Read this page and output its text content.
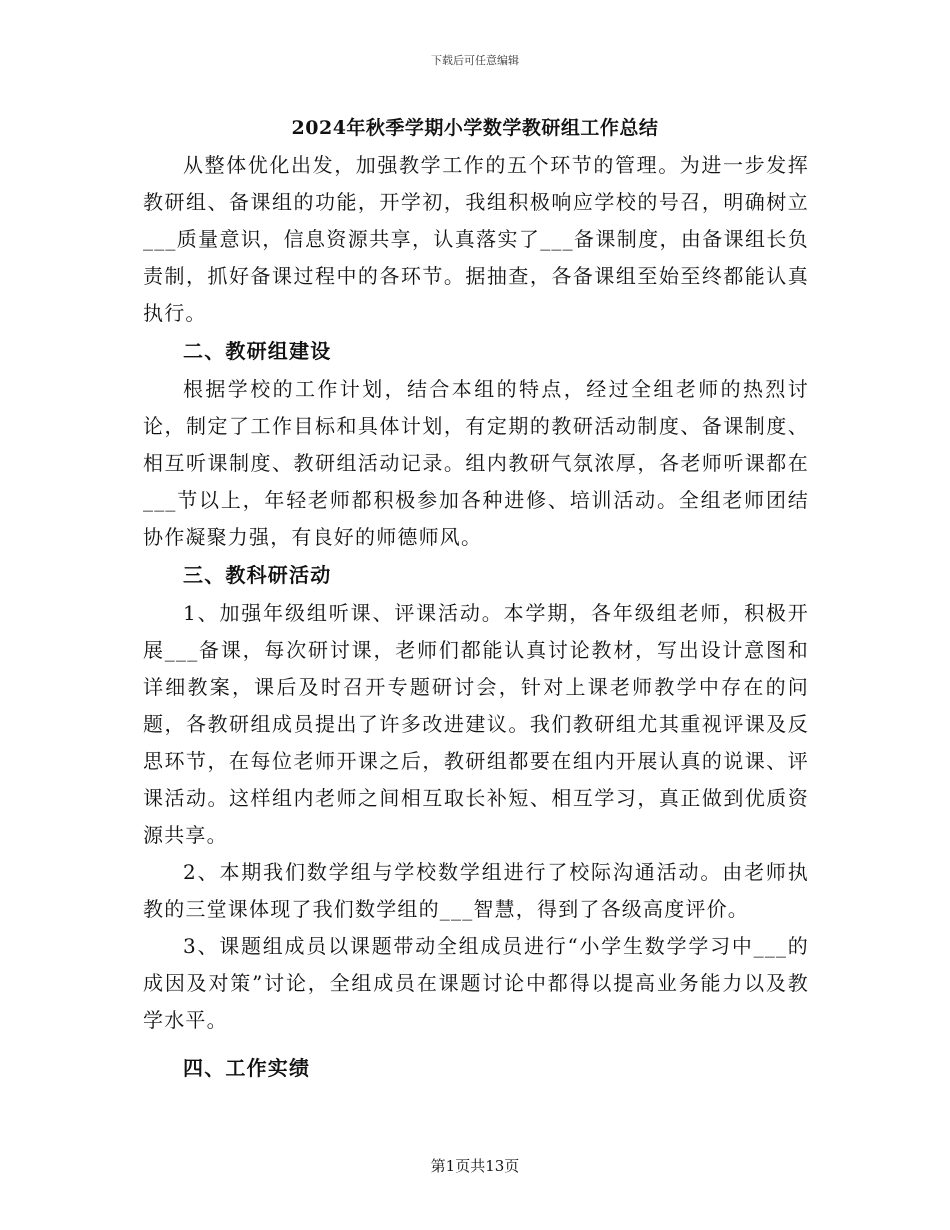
下载后可任意编辑
2024年秋季学期小学数学教研组工作总结

从整体优化出发，加强教学工作的五个环节的管理。为进一步发挥教研组、备课组的功能，开学初，我组积极响应学校的号召，明确树立___质量意识，信息资源共享，认真落实了___备课制度，由备课组长负责制，抓好备课过程中的各环节。据抽查，各备课组至始至终都能认真执行。

二、教研组建设

根据学校的工作计划，结合本组的特点，经过全组老师的热烈讨论，制定了工作目标和具体计划，有定期的教研活动制度、备课制度、相互听课制度、教研组活动记录。组内教研气氛浓厚，各老师听课都在___节以上，年轻老师都积极参加各种进修、培训活动。全组老师团结协作凝聚力强，有良好的师德师风。

三、教科研活动

1、加强年级组听课、评课活动。本学期，各年级组老师，积极开展___备课，每次研讨课，老师们都能认真讨论教材，写出设计意图和详细教案，课后及时召开专题研讨会，针对上课老师教学中存在的问题，各教研组成员提出了许多改进建议。我们教研组尤其重视评课及反思环节，在每位老师开课之后，教研组都要在组内开展认真的说课、评课活动。这样组内老师之间相互取长补短、相互学习，真正做到优质资源共享。

2、本期我们数学组与学校数学组进行了校际沟通活动。由老师执教的三堂课体现了我们数学组的___智慧，得到了各级高度评价。

3、课题组成员以课题带动全组成员进行“小学生数学学习中___的成因及对策”讨论，全组成员在课题讨论中都得以提高业务能力以及教学水平。

四、工作实绩
第1页共13页
